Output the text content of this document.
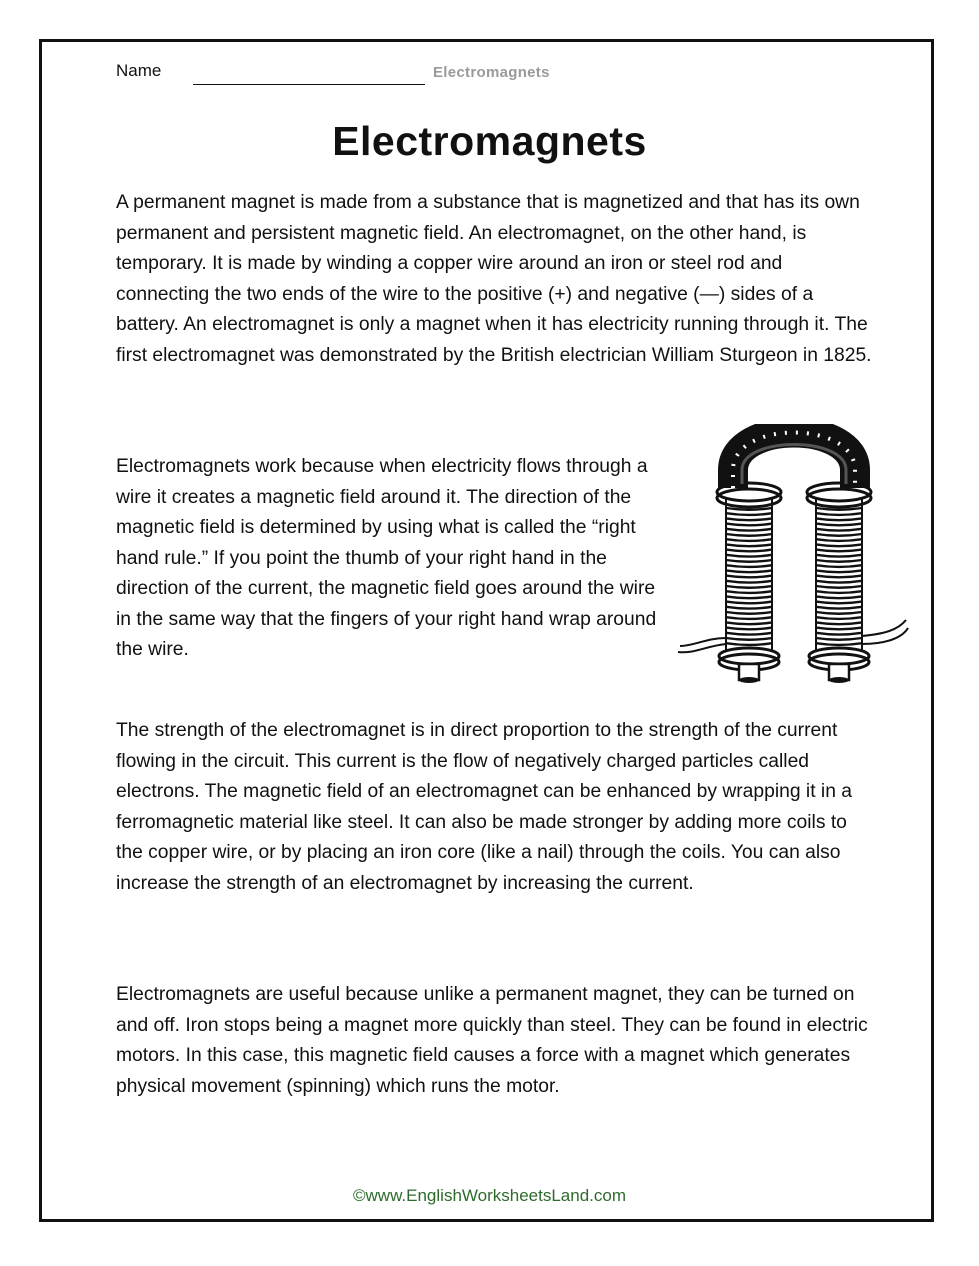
Name	Electromagnets
Electromagnets

A permanent magnet is made from a substance that is magnetized and that has its own permanent and persistent magnetic field. An electromagnet, on the other hand, is temporary. It is made by winding a copper wire around an iron or steel rod and connecting the two ends of the wire to the positive (+) and negative (—) sides of a battery. An electromagnet is only a magnet when it has electricity running through it. The first electromagnet was demonstrated by the British electrician William Sturgeon in 1825.

Electromagnets work because when electricity flows through a wire it creates a magnetic field around it. The direction of the magnetic field is determined by using what is called the “right hand rule.” If you point the thumb of your right hand in the direction of the current, the magnetic field goes around the wire in the same way that the fingers of your right hand wrap around the wire.

The strength of the electromagnet is in direct proportion to the strength of the current flowing in the circuit. This current is the flow of negatively charged particles called electrons. The magnetic field of an electromagnet can be enhanced by wrapping it in a ferromagnetic material like steel. It can also be made stronger by adding more coils to the copper wire, or by placing an iron core (like a nail) through the coils. You can also increase the strength of an electromagnet by increasing the current.

Electromagnets are useful because unlike a permanent magnet, they can be turned on and off. Iron stops being a magnet more quickly than steel. They can be found in electric motors. In this case, this magnetic field causes a force with a magnet which generates physical movement (spinning) which runs the motor.

©www.EnglishWorksheetsLand.com
